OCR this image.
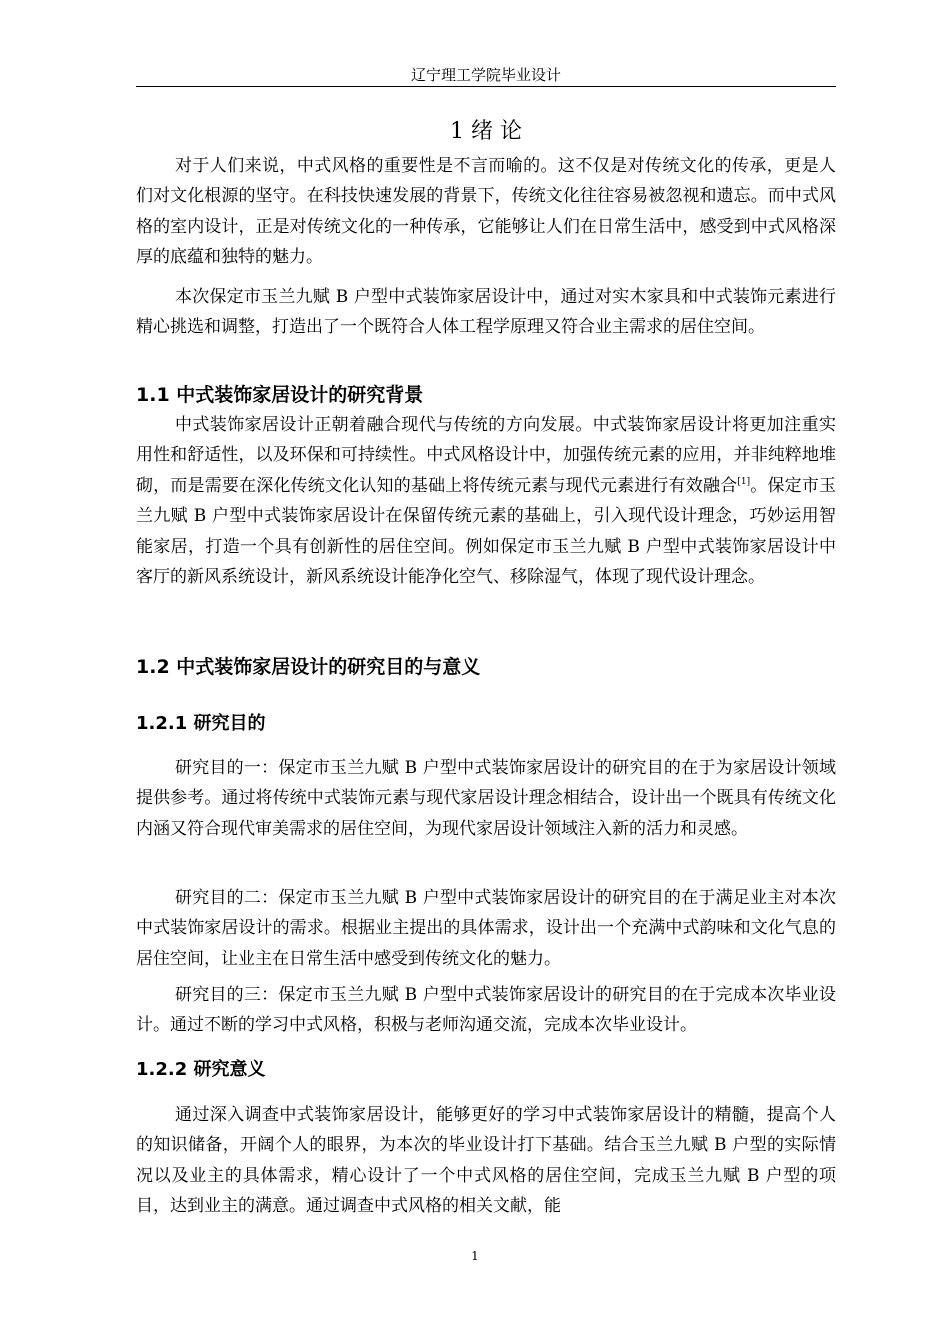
辽宁理工学院毕业设计
1 绪 论

对于人们来说，中式风格的重要性是不言而喻的。这不仅是对传统文化的传承，更是人们对文化根源的坚守。在科技快速发展的背景下，传统文化往往容易被忽视和遗忘。而中式风格的室内设计，正是对传统文化的一种传承，它能够让人们在日常生活中，感受到中式风格深厚的底蕴和独特的魅力。

本次保定市玉兰九赋 B 户型中式装饰家居设计中，通过对实木家具和中式装饰元素进行精心挑选和调整，打造出了一个既符合人体工程学原理又符合业主需求的居住空间。

1.1 中式装饰家居设计的研究背景

中式装饰家居设计正朝着融合现代与传统的方向发展。中式装饰家居设计将更加注重实用性和舒适性，以及环保和可持续性。中式风格设计中，加强传统元素的应用，并非纯粹地堆砌，而是需要在深化传统文化认知的基础上将传统元素与现代元素进行有效融合[1]。保定市玉兰九赋 B 户型中式装饰家居设计在保留传统元素的基础上，引入现代设计理念，巧妙运用智能家居，打造一个具有创新性的居住空间。例如保定市玉兰九赋 B 户型中式装饰家居设计中客厅的新风系统设计，新风系统设计能净化空气、移除湿气，体现了现代设计理念。

1.2 中式装饰家居设计的研究目的与意义
1.2.1 研究目的

研究目的一：保定市玉兰九赋 B 户型中式装饰家居设计的研究目的在于为家居设计领域提供参考。通过将传统中式装饰元素与现代家居设计理念相结合，设计出一个既具有传统文化内涵又符合现代审美需求的居住空间，为现代家居设计领域注入新的活力和灵感。

研究目的二：保定市玉兰九赋 B 户型中式装饰家居设计的研究目的在于满足业主对本次中式装饰家居设计的需求。根据业主提出的具体需求，设计出一个充满中式韵味和文化气息的居住空间，让业主在日常生活中感受到传统文化的魅力。

研究目的三：保定市玉兰九赋 B 户型中式装饰家居设计的研究目的在于完成本次毕业设计。通过不断的学习中式风格，积极与老师沟通交流，完成本次毕业设计。

1.2.2 研究意义

通过深入调查中式装饰家居设计，能够更好的学习中式装饰家居设计的精髓，提高个人的知识储备，开阔个人的眼界，为本次的毕业设计打下基础。结合玉兰九赋 B 户型的实际情况以及业主的具体需求，精心设计了一个中式风格的居住空间，完成玉兰九赋 B 户型的项目，达到业主的满意。通过调查中式风格的相关文献，能

1
